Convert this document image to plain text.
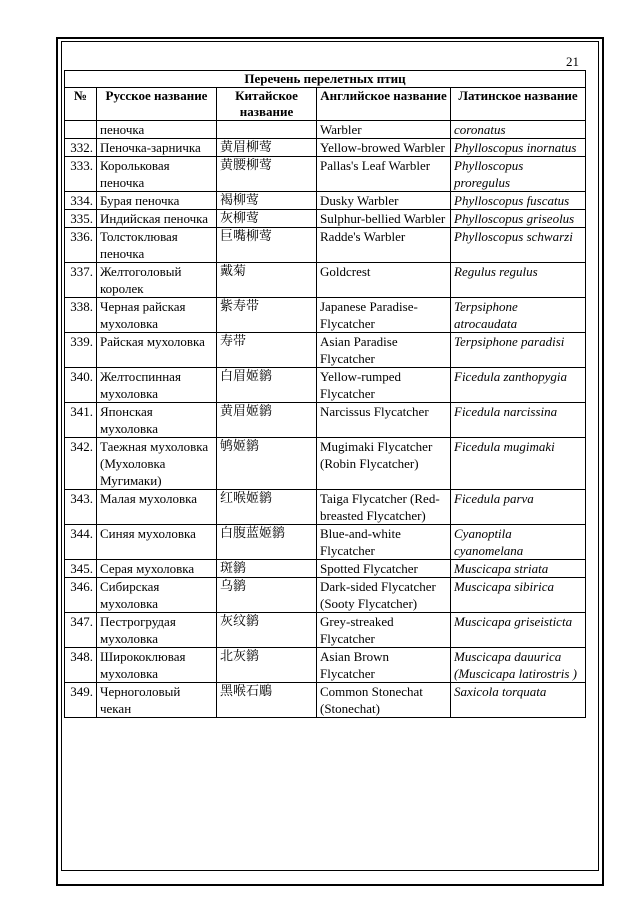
21
Перечень перелетных птиц				
№	Русское название	Китайское название	Английское название	Латинское название
	пеночка		Warbler	coronatus
332.	Пеночка-зарничка	黄眉柳莺	Yellow-browed Warbler	Phylloscopus inornatus
333.	Корольковая пеночка	黄腰柳莺	Pallas's Leaf Warbler	Phylloscopus proregulus
334.	Бурая пеночка	褐柳莺	Dusky Warbler	Phylloscopus fuscatus
335.	Индийская пеночка	灰柳莺	Sulphur-bellied Warbler	Phylloscopus griseolus
336.	Толстоклювая пеночка	巨嘴柳莺	Radde's Warbler	Phylloscopus schwarzi
337.	Желтоголовый королек	戴菊	Goldcrest	Regulus regulus
338.	Черная райская мухоловка	紫寿带	Japanese Paradise-Flycatcher	Terpsiphone atrocaudata
339.	Райская мухоловка	寿带	Asian Paradise Flycatcher	Terpsiphone paradisi
340.	Желтоспинная мухоловка	白眉姬鹟	Yellow-rumped Flycatcher	Ficedula zanthopygia
341.	Японская мухоловка	黄眉姬鹟	Narcissus Flycatcher	Ficedula narcissina
342.	Таежная мухоловка (Мухоловка Мугимаки)	鸲姬鹟	Mugimaki Flycatcher (Robin Flycatcher)	Ficedula mugimaki
343.	Малая мухоловка	红喉姬鹟	Taiga Flycatcher (Red-breasted Flycatcher)	Ficedula parva
344.	Синяя мухоловка	白腹蓝姬鹟	Blue-and-white Flycatcher	Cyanoptila cyanomelana
345.	Серая мухоловка	斑鹟	Spotted Flycatcher	Muscicapa striata
346.	Сибирская мухоловка	乌鹟	Dark-sided Flycatcher (Sooty Flycatcher)	Muscicapa sibirica
347.	Пестрогрудая мухоловка	灰纹鹟	Grey-streaked Flycatcher	Muscicapa griseisticta
348.	Ширококлювая мухоловка	北灰鹟	Asian Brown Flycatcher	Muscicapa dauurica (Muscicapa latirostris )
349.	Черноголовый чекан	黑喉石鵰	Common Stonechat (Stonechat)	Saxicola torquata
